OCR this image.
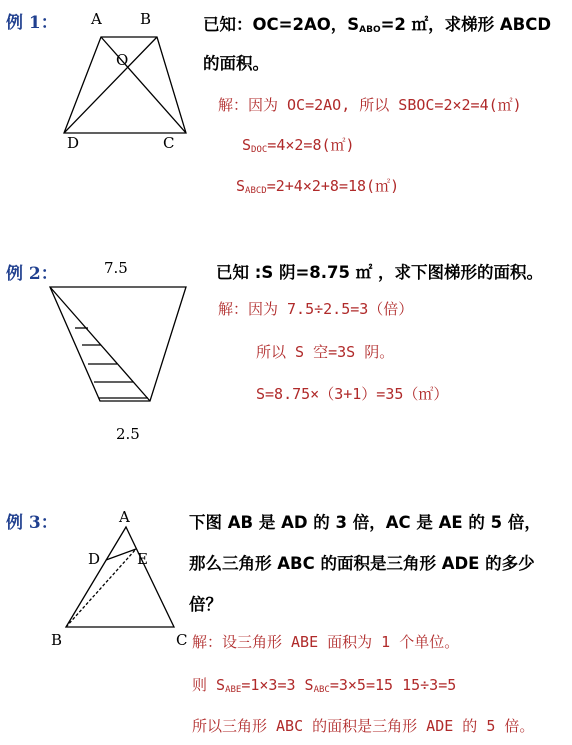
例 1： A	B
O
D	C
已知：OC=2AO，$S_{ABO}=2$ ㎡，求梯形 ABCD
的面积。
解：因为 OC=2AO, 所以 SBOC=2×2=4(㎡)
$S_{DOC}=4\times 2=8(㎡)$
$S_{ABCD}=2+4\times 2+8=18(㎡)$
例 2：	7.5
2.5
已知 :S 阴=8.75 ㎡ ，求下图梯形的面积。
解：因为 7.5÷2.5=3（倍）
所以 S 空=3S 阴。
S=8.75×（3+1）=35（㎡）
例 3：	A
D E
B	C
下图 AB 是 AD 的 3 倍，AC 是 AE 的 5 倍，
那么三角形 ABC 的面积是三角形 ADE 的多少
倍？
解：设三角形 ABE 面积为 1 个单位。
则 $S_{ABE}=1\times 3=3$ $S_{ABC}=3\times 5=15$ 15÷3=5
所以三角形 ABC 的面积是三角形 ADE 的 5 倍。
